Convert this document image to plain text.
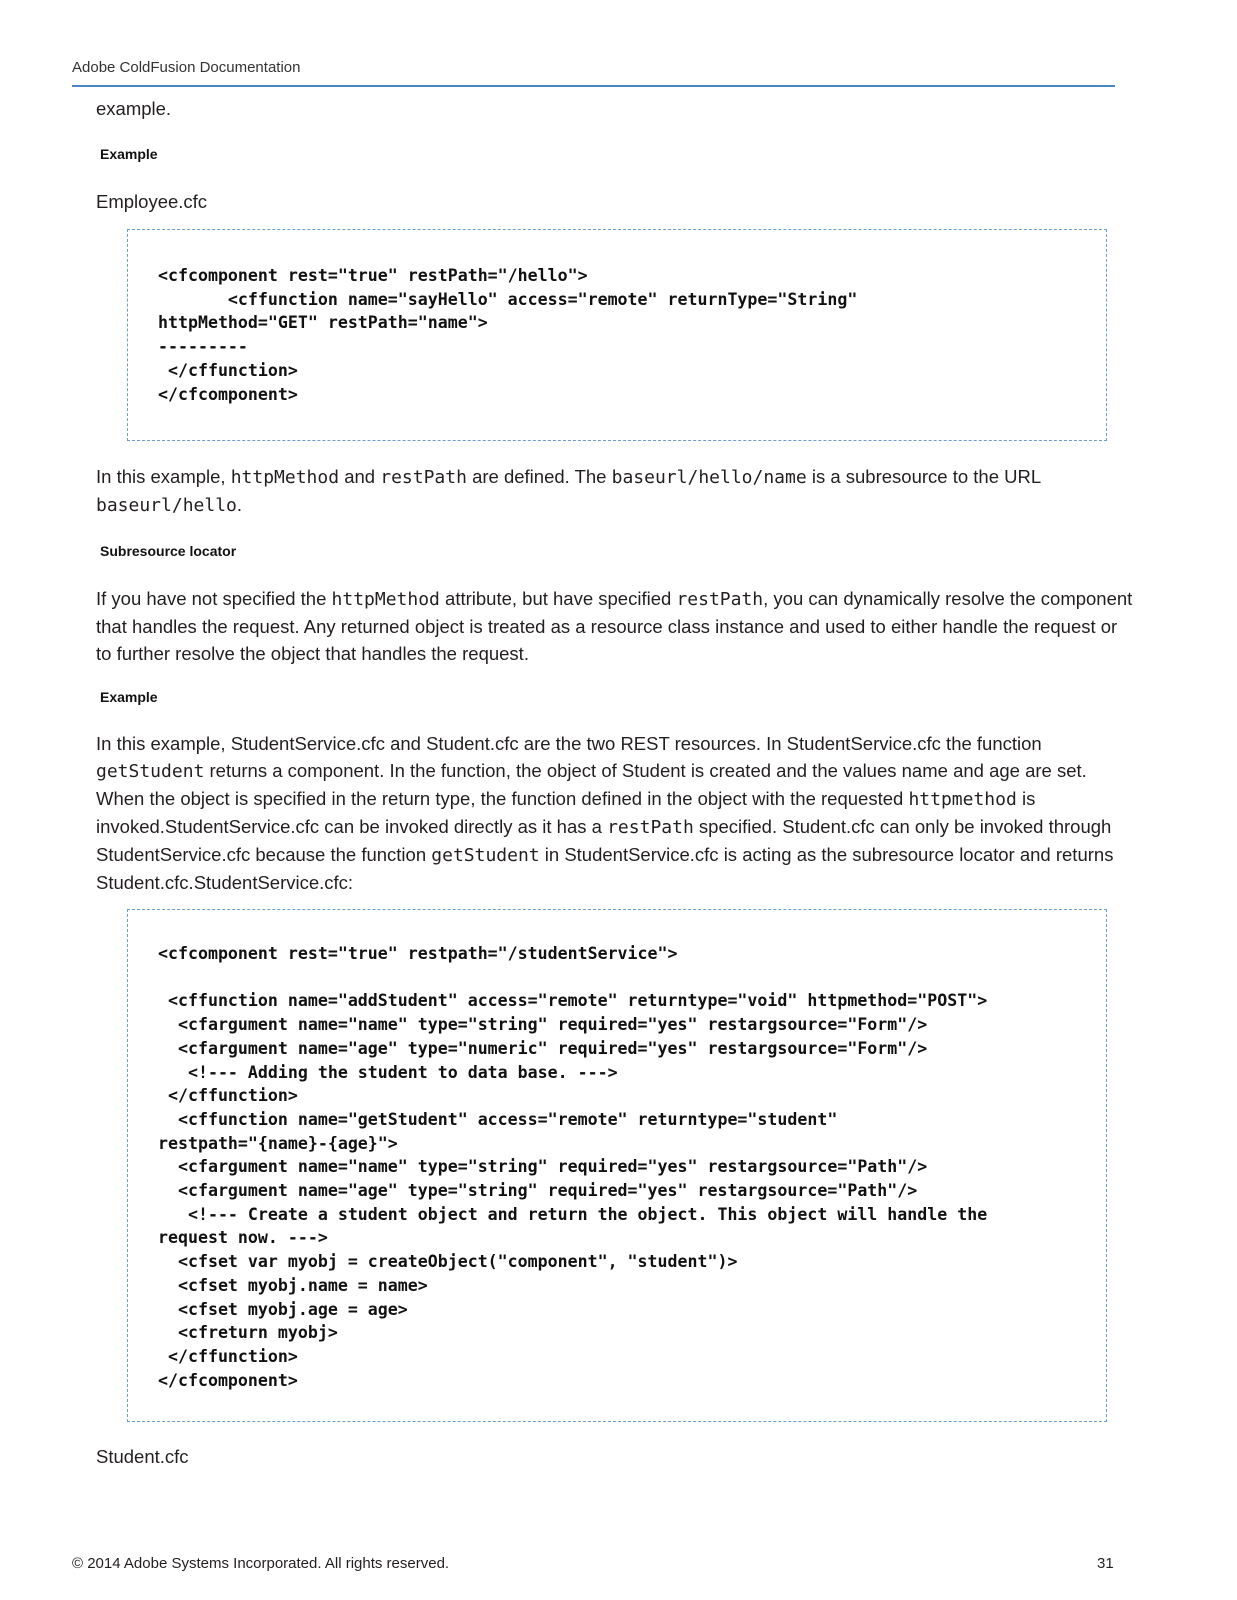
Adobe ColdFusion Documentation
example.
Example
Employee.cfc
<cfcomponent rest="true" restPath="/hello">
<cffunction name="sayHello" access="remote" returnType="String"
httpMethod="GET" restPath="name">
---------
</cffunction>
</cfcomponent>
In this example, httpMethod and restPath are defined. The baseurl/hello/name is a subresource to the URL baseurl/hello.
Subresource locator
If you have not specified the httpMethod attribute, but have specified restPath, you can dynamically resolve the component that handles the request. Any returned object is treated as a resource class instance and used to either handle the request or to further resolve the object that handles the request.
Example
In this example, StudentService.cfc and Student.cfc are the two REST resources. In StudentService.cfc the function getStudent returns a component. In the function, the object of Student is created and the values name and age are set. When the object is specified in the return type, the function defined in the object with the requested httpmethod is invoked.StudentService.cfc can be invoked directly as it has a restPath specified. Student.cfc can only be invoked through StudentService.cfc because the function getStudent in StudentService.cfc is acting as the subresource locator and returns Student.cfc.StudentService.cfc:
<cfcomponent rest="true" restpath="/studentService">

<cffunction name="addStudent" access="remote" returntype="void" httpmethod="POST">
<cfargument name="name" type="string" required="yes" restargsource="Form"/>
<cfargument name="age" type="numeric" required="yes" restargsource="Form"/>
<!--- Adding the student to data base. --->
</cffunction>
<cffunction name="getStudent" access="remote" returntype="student"
restpath="{name}-{age}">
<cfargument name="name" type="string" required="yes" restargsource="Path"/>
<cfargument name="age" type="string" required="yes" restargsource="Path"/>
<!--- Create a student object and return the object. This object will handle the
request now. --->
<cfset var myobj = createObject("component", "student")>
<cfset myobj.name = name>
<cfset myobj.age = age>
<cfreturn myobj>
</cffunction>
</cfcomponent>
Student.cfc
© 2014 Adobe Systems Incorporated. All rights reserved.	31
